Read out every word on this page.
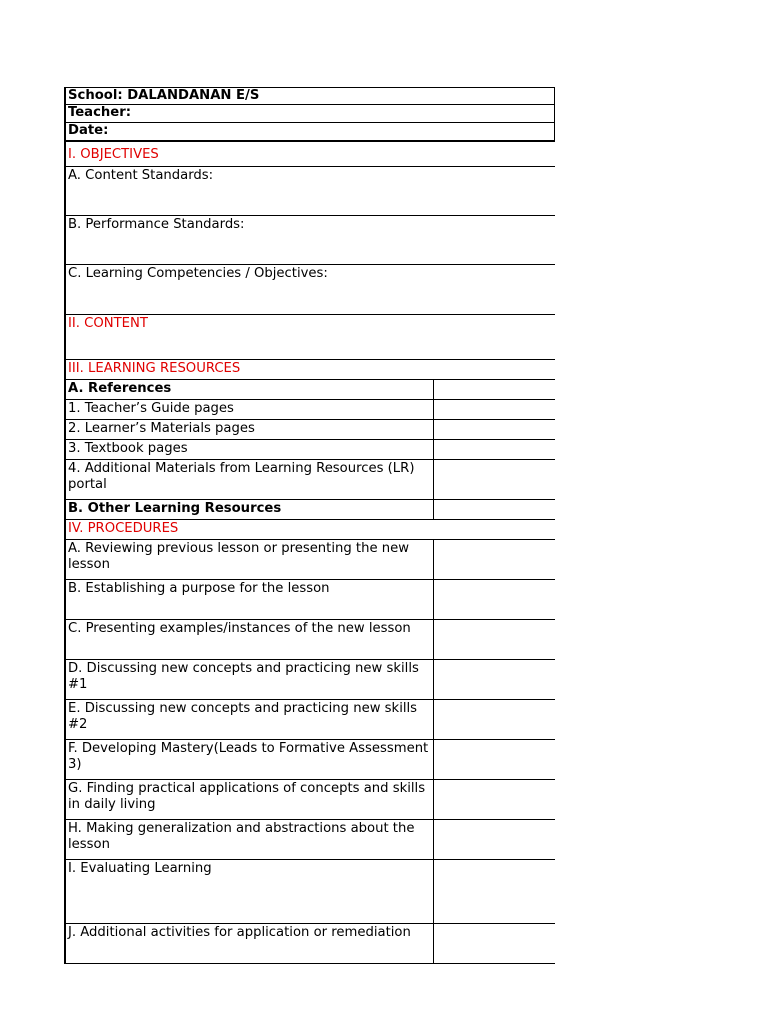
School: DALANDANAN E/S
Teacher:
Date:
I. OBJECTIVES
A. Content Standards:
B. Performance Standards:
C. Learning Competencies / Objectives:
II. CONTENT
III. LEARNING RESOURCES
A. References
1. Teacher’s Guide pages
2. Learner’s Materials pages
3. Textbook pages
4. Additional Materials from Learning Resources (LR) portal
B. Other Learning Resources
IV. PROCEDURES
A. Reviewing previous lesson or presenting the new lesson
B. Establishing a purpose for the lesson
C. Presenting examples/instances of the new lesson
D. Discussing new concepts and practicing new skills #1
E. Discussing new concepts and practicing new skills #2
F. Developing Mastery(Leads to Formative Assessment 3)
G. Finding practical applications of concepts and skills in daily living
H. Making generalization and abstractions about the lesson
I. Evaluating Learning
J. Additional activities for application or remediation
